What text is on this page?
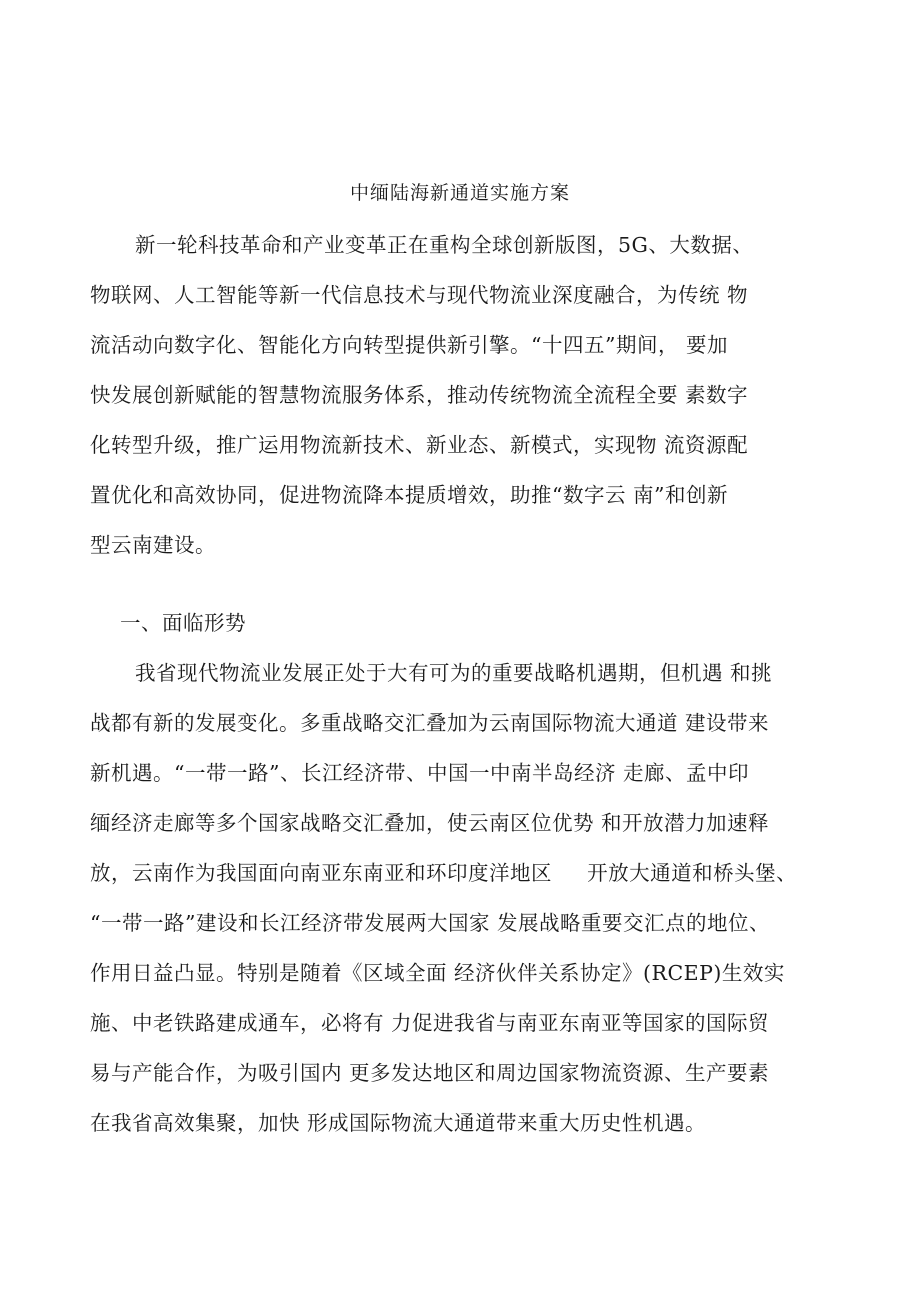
中缅陆海新通道实施方案
新一轮科技革命和产业变革正在重构全球创新版图，5G、大数据、
物联网、人工智能等新一代信息技术与现代物流业深度融合，为传统 物
流活动向数字化、智能化方向转型提供新引擎。“十四五”期间， 要加
快发展创新赋能的智慧物流服务体系，推动传统物流全流程全要 素数字
化转型升级，推广运用物流新技术、新业态、新模式，实现物 流资源配
置优化和高效协同，促进物流降本提质增效，助推“数字云 南”和创新
型云南建设。
一、面临形势
我省现代物流业发展正处于大有可为的重要战略机遇期，但机遇 和挑
战都有新的发展变化。多重战略交汇叠加为云南国际物流大通道 建设带来
新机遇。“一带一路”、长江经济带、中国一中南半岛经济 走廊、孟中印
缅经济走廊等多个国家战略交汇叠加，使云南区位优势 和开放潜力加速释
放，云南作为我国面向南亚东南亚和环印度洋地区     开放大通道和桥头堡、
“一带一路”建设和长江经济带发展两大国家 发展战略重要交汇点的地位、
作用日益凸显。特别是随着《区域全面 经济伙伴关系协定》(RCEP)生效实
施、中老铁路建成通车，必将有 力促进我省与南亚东南亚等国家的国际贸
易与产能合作，为吸引国内 更多发达地区和周边国家物流资源、生产要素
在我省高效集聚，加快 形成国际物流大通道带来重大历史性机遇。
